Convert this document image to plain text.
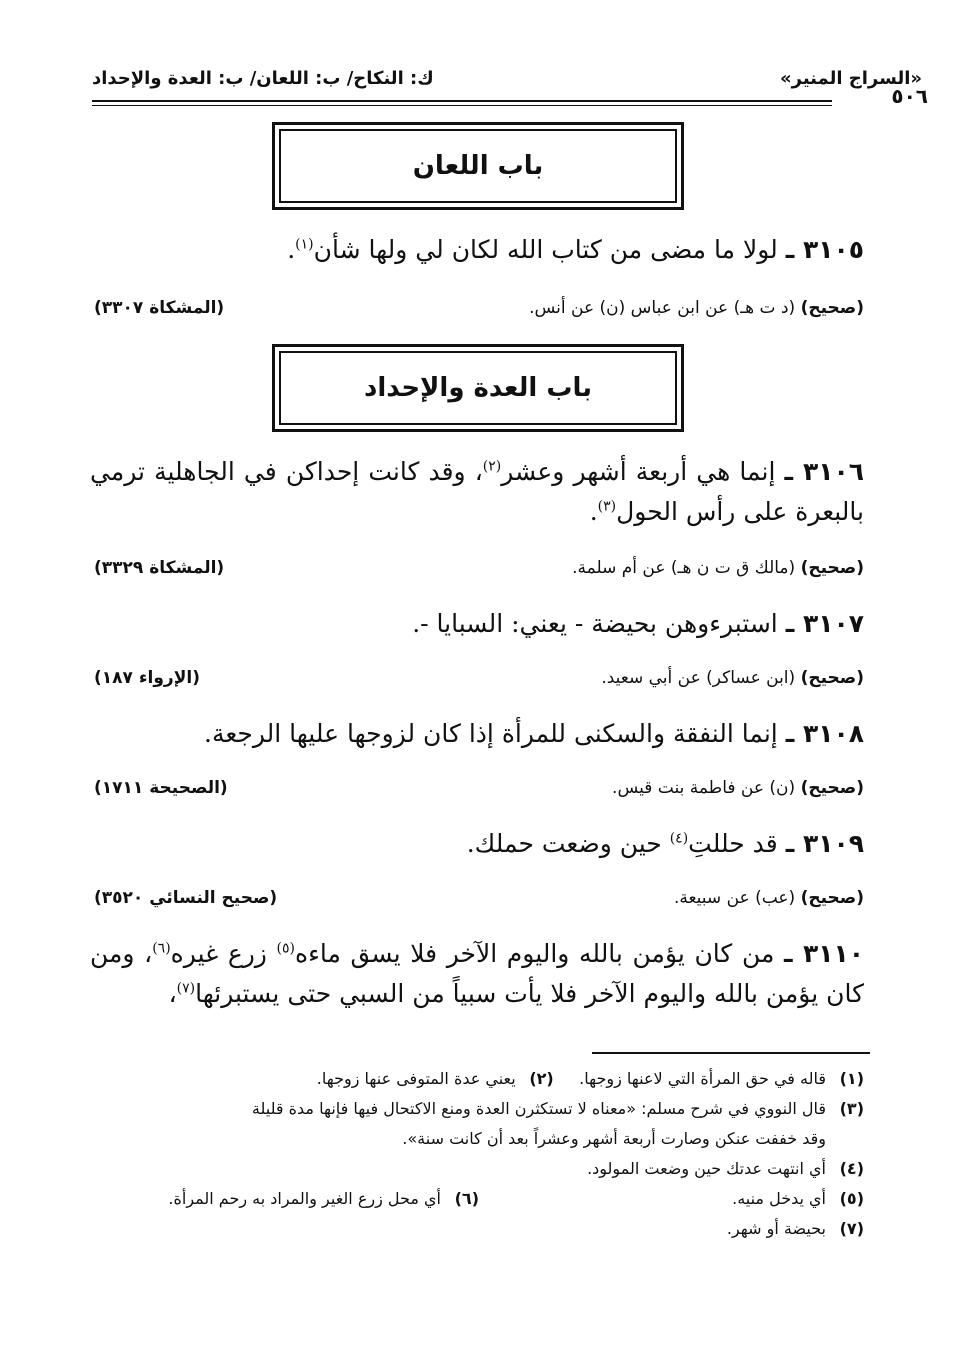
«السراج المنير»
ك: النكاح/ ب: اللعان/ ب: العدة والإحداد
٥٠٦
باب اللعان
٣١٠٥ ـ لولا ما مضى من كتاب الله لكان لي ولها شأن$^{(١)}$.
(صحيح) (د ت هـ) عن ابن عباس (ن) عن أنس.
(المشكاة ٣٣٠٧)
باب العدة والإحداد
٣١٠٦ ـ إنما هي أربعة أشهر وعشر$^{(٢)}$، وقد كانت إحداكن في الجاهلية ترمي بالبعرة على رأس الحول$^{(٣)}$.
(صحيح) (مالك ق ت ن هـ) عن أم سلمة.
(المشكاة ٣٣٢٩)
٣١٠٧ ـ استبرءوهن بحيضة - يعني: السبايا -.
(صحيح) (ابن عساكر) عن أبي سعيد.
(الإرواء ١٨٧)
٣١٠٨ ـ إنما النفقة والسكنى للمرأة إذا كان لزوجها عليها الرجعة.
(صحيح) (ن) عن فاطمة بنت قيس.
(الصحيحة ١٧١١)
٣١٠٩ ـ قد حللتِ$^{(٤)}$ حين وضعت حملك.
(صحيح) (عب) عن سبيعة.
(صحيح النسائي ٣٥٢٠)
٣١١٠ ـ من كان يؤمن بالله واليوم الآخر فلا يسق ماءه$^{(٥)}$ زرع غيره$^{(٦)}$، ومن كان يؤمن بالله واليوم الآخر فلا يأت سبياً من السبي حتى يستبرئها$^{(٧)}$،
(١)قاله في حق المرأة التي لاعنها زوجها.     (٢)يعني عدة المتوفى عنها زوجها.
(٣)قال النووي في شرح مسلم: «معناه لا تستكثرن العدة ومنع الاكتحال فيها فإنها مدة قليلة
وقد خففت عنكن وصارت أربعة أشهر وعشراً بعد أن كانت سنة».
(٤)أي انتهت عدتك حين وضعت المولود.
(٥)أي يدخل منيه.
(٦)أي محل زرع الغير والمراد به رحم المرأة.
(٧)بحيضة أو شهر.
